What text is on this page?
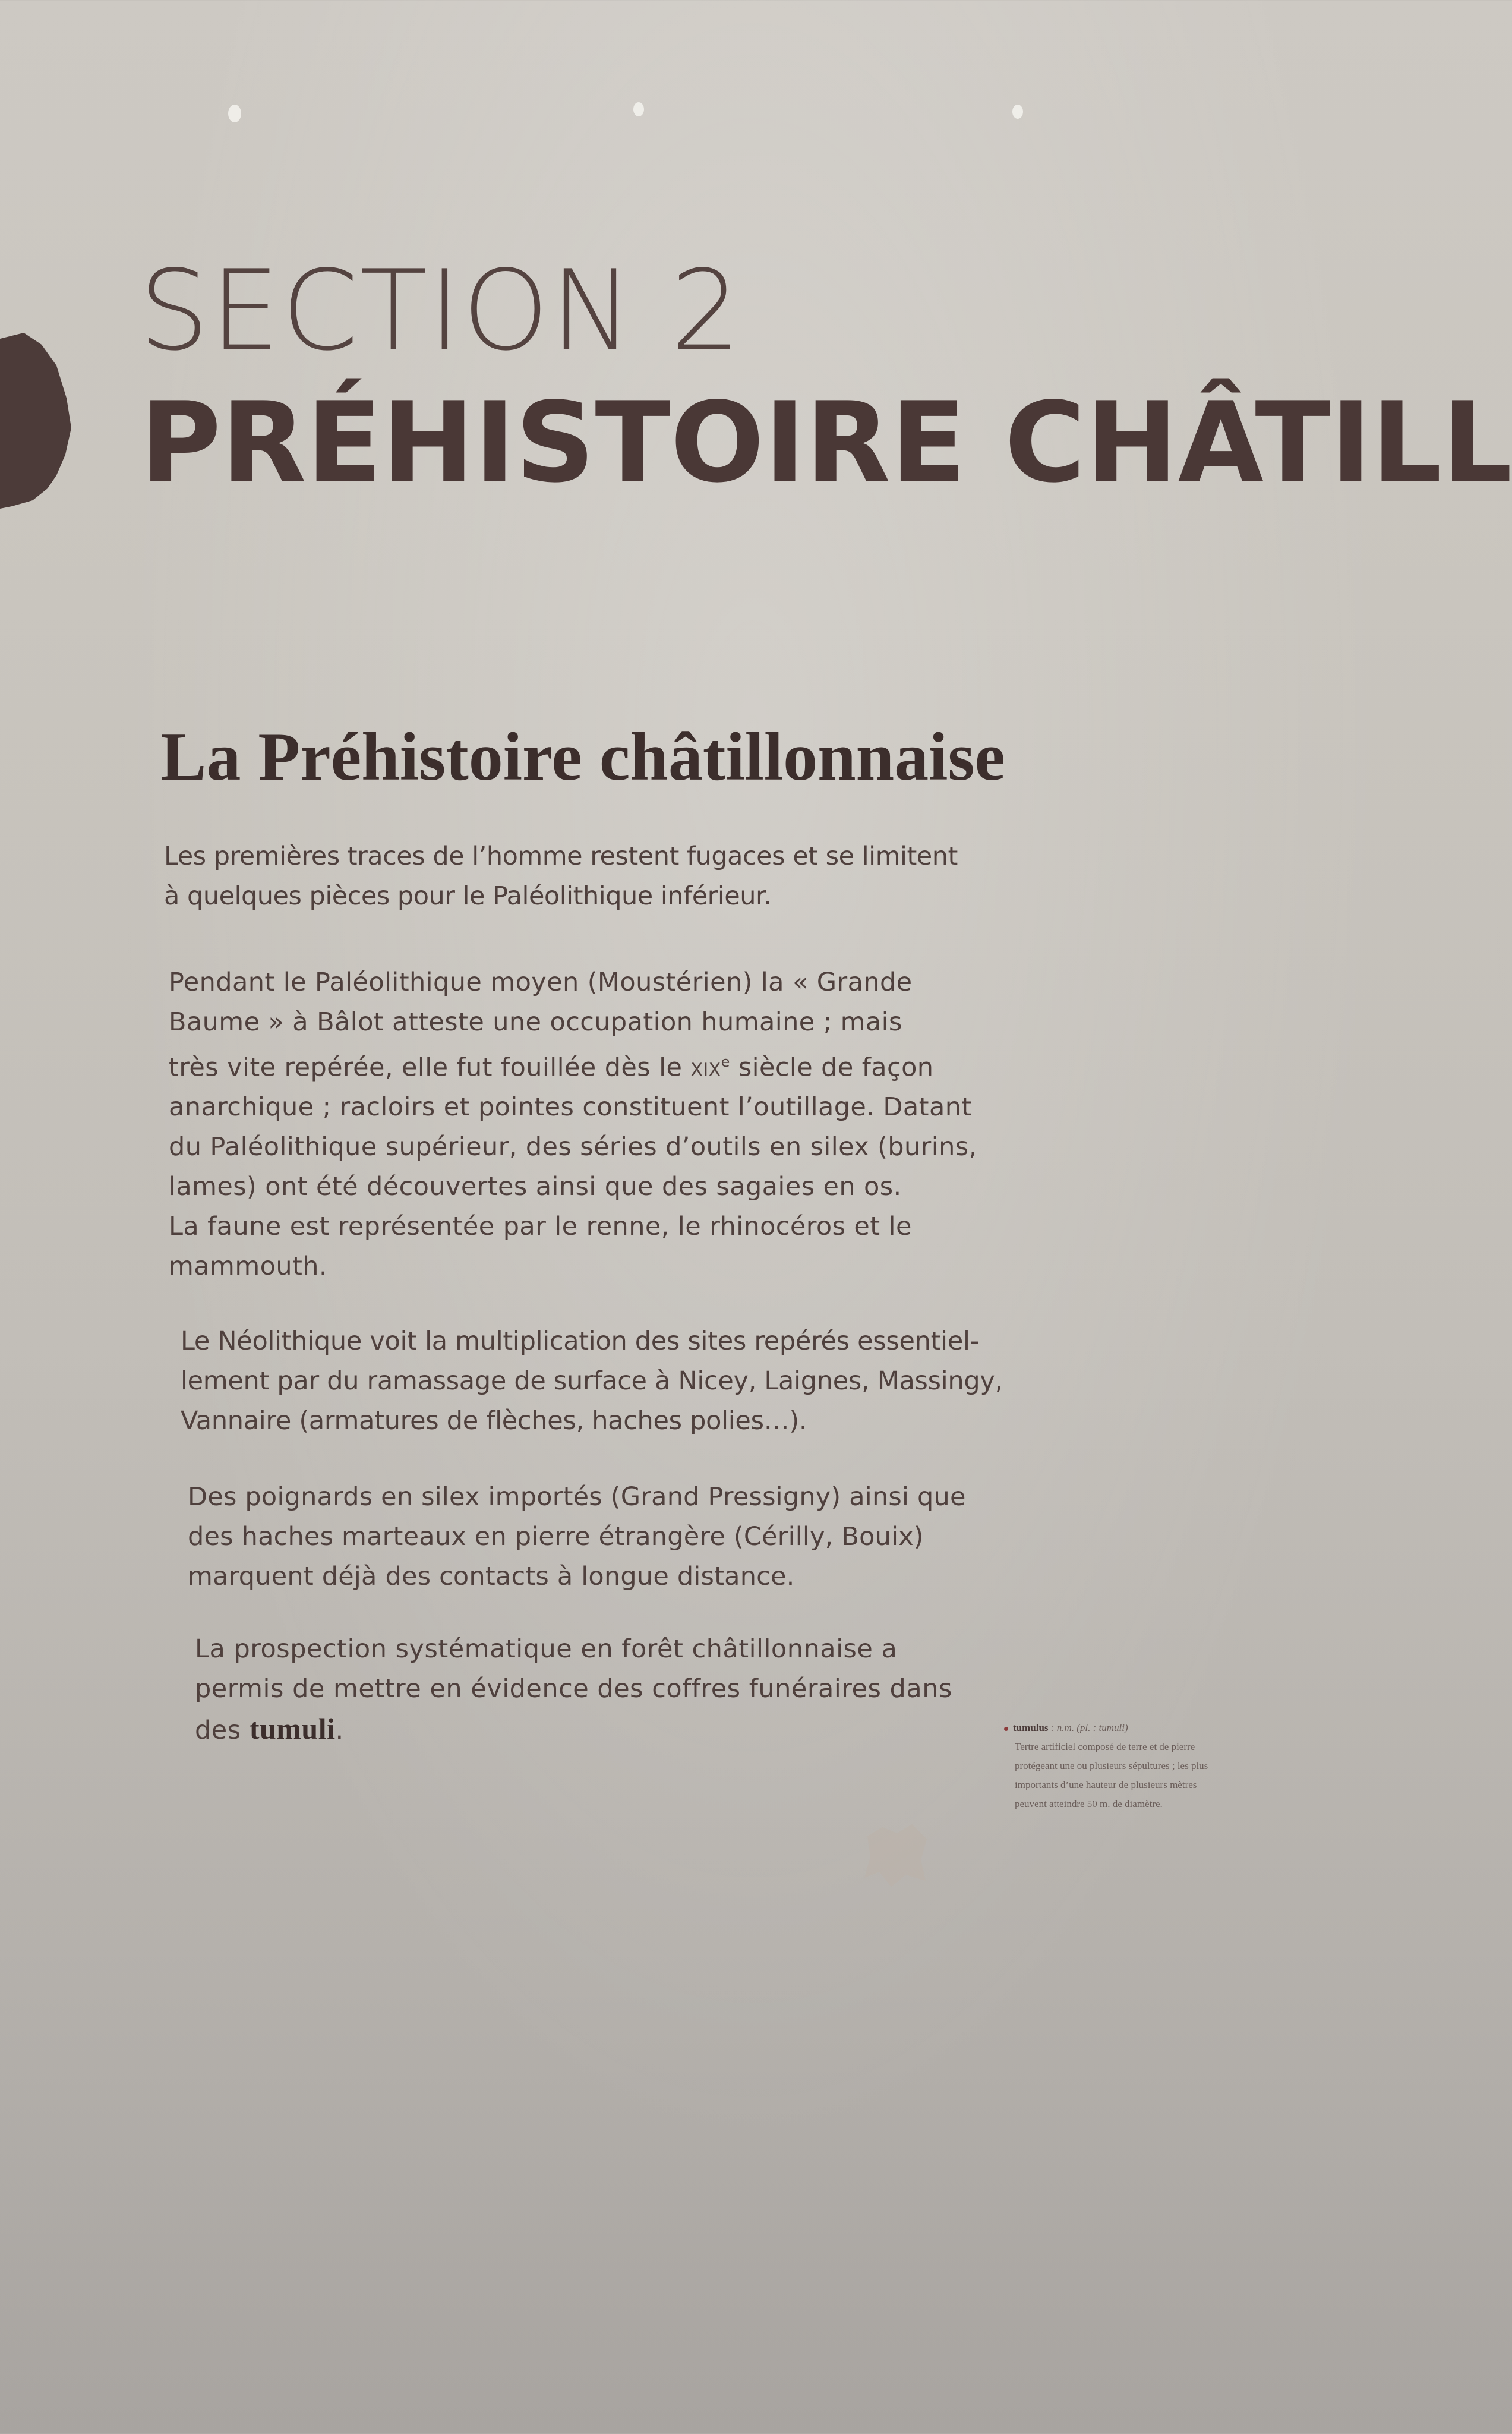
SECTION 2
PRÉHISTOIRE CHÂTILL
La Préhistoire châtillonnaise

Les premières traces de l’homme restent fugaces et se limitent
à quelques pièces pour le Paléolithique inférieur.

Pendant le Paléolithique moyen (Moustérien) la « Grande
Baume » à Bâlot atteste une occupation humaine ; mais
très vite repérée, elle fut fouillée dès le xix$^e$ siècle de façon
anarchique ; racloirs et pointes constituent l’outillage. Datant
du Paléolithique supérieur, des séries d’outils en silex (burins,
lames) ont été découvertes ainsi que des sagaies en os.
La faune est représentée par le renne, le rhinocéros et le
mammouth.

Le Néolithique voit la multiplication des sites repérés essentiel-
lement par du ramassage de surface à Nicey, Laignes, Massingy,
Vannaire (armatures de flèches, haches polies…).

Des poignards en silex importés (Grand Pressigny) ainsi que
des haches marteaux en pierre étrangère (Cérilly, Bouix)
marquent déjà des contacts à longue distance.

La prospection systématique en forêt châtillonnaise a
permis de mettre en évidence des coffres funéraires dans
des tumuli.	tumulus : n.m. (pl. : tumuli)
Tertre artificiel composé de terre et de pierre
protégeant une ou plusieurs sépultures ; les plus
importants d’une hauteur de plusieurs mètres
peuvent atteindre 50 m. de diamètre.
